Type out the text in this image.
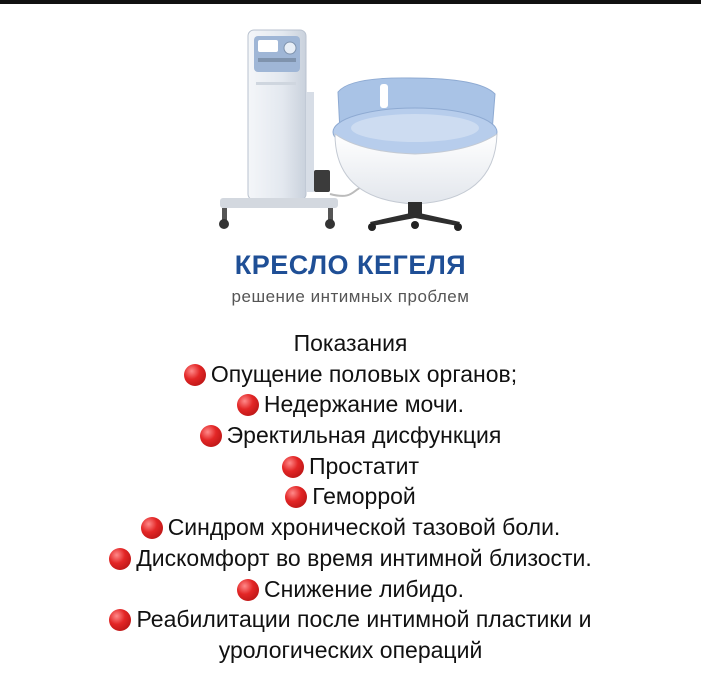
КРЕСЛО КЕГЕЛЯ
решение интимных проблем
Показания
Опущение половых органов;
Недержание мочи.
Эректильная дисфункция
Простатит
Геморрой
Синдром хронической тазовой боли.
Дискомфорт во время интимной близости.
Снижение либидо.
Реабилитации после интимной пластики и
урологических операций
